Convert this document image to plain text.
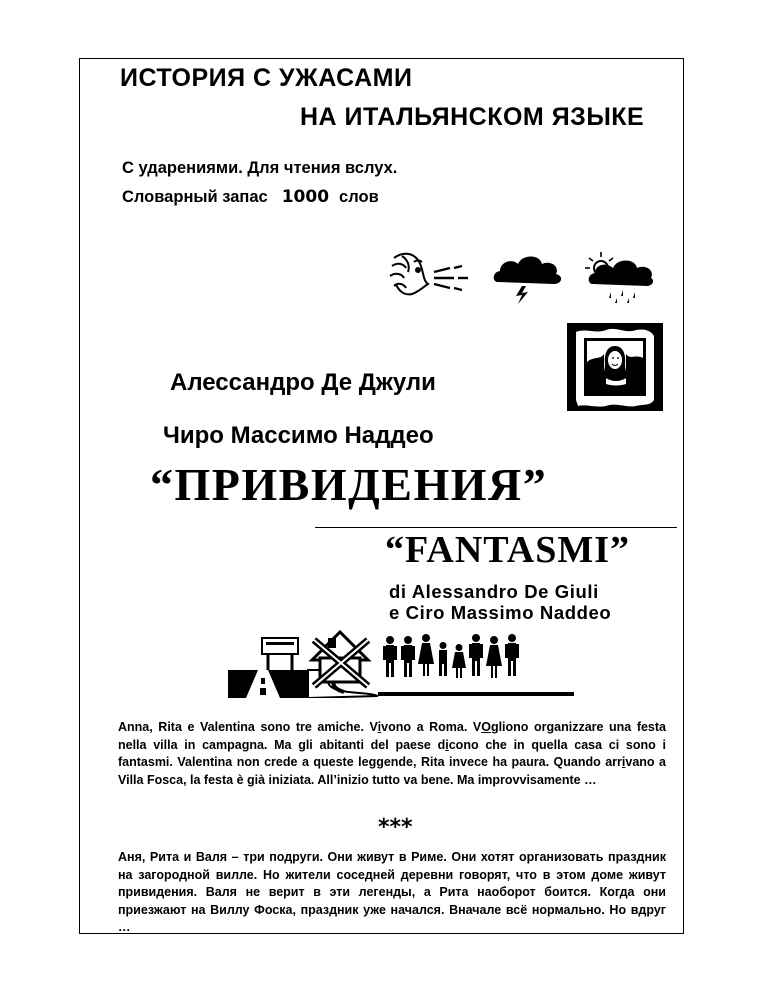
ИСТОРИЯ С УЖАСАМИ
НА ИТАЛЬЯНСКОМ ЯЗЫКЕ
С ударениями. Для чтения вслух.
Словарный запас 1000 слов
Алессандро Де Джули
Чиро Массимо Наддео
“ПРИВИДЕНИЯ”
“FANTASMI”
di Alessandro De Giuli
e Ciro Massimo Naddeo

Anna, Rita e Valentina sono tre amiche. Vivono a Roma. VOgliono organizzare una festa nella villa in campagna. Ma gli abitanti del paese dicono che in quella casa ci sono i fantasmi. Valentina non crede a queste leggende, Rita invece ha paura. Quando arrivano a Villa Fosca, la festa è già iniziata. All’inizio tutto va bene. Ma improvvisamente …

***

Аня, Рита и Валя – три подруги. Они живут в Риме. Они хотят организовать праздник на загородной вилле. Но жители соседней деревни говорят, что в этом доме живут привидения. Валя не верит в эти легенды, а Рита наоборот боится. Когда они приезжают на Виллу Фоска, праздник уже начался. Вначале всё нормально. Но вдруг …
